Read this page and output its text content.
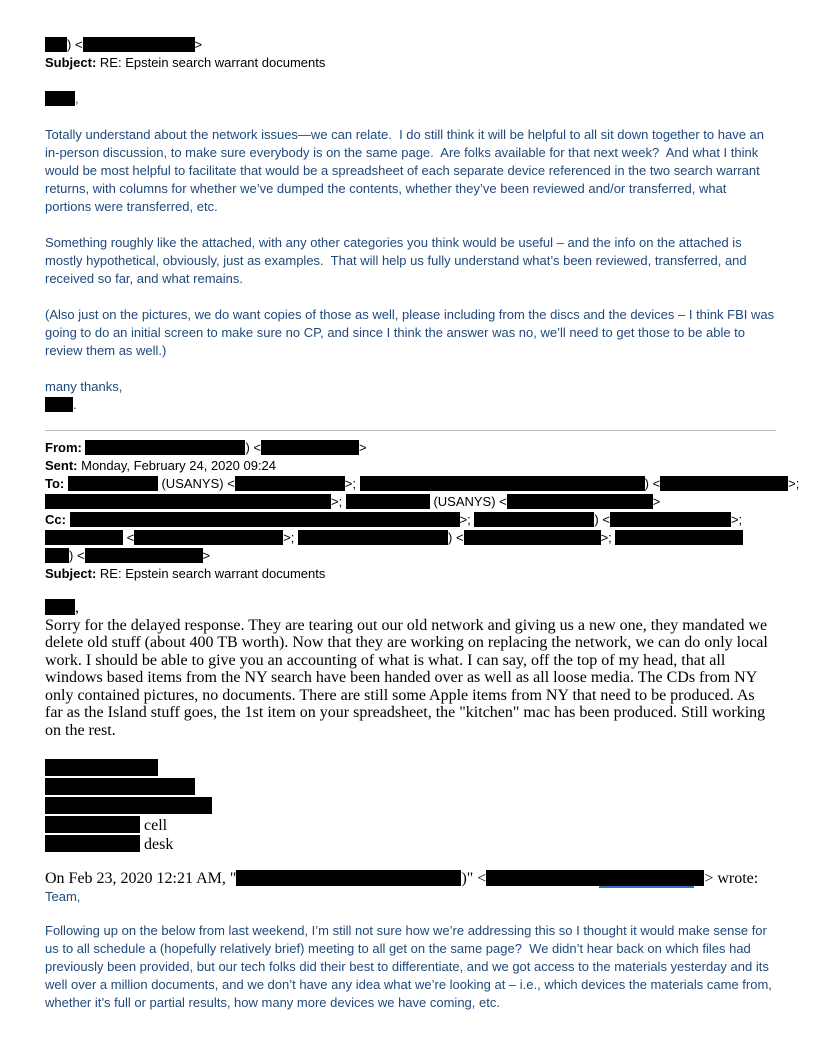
) <	>
Subject: RE: Epstein search warrant documents
,
Totally understand about the network issues—we can relate.  I do still think it will be helpful to all sit down together to have an in-person discussion, to make sure everybody is on the same page.  Are folks available for that next week?  And what I think would be most helpful to facilitate that would be a spreadsheet of each separate device referenced in the two search warrant returns, with columns for whether we’ve dumped the contents, whether they’ve been reviewed and/or transferred, what portions were transferred, etc.
Something roughly like the attached, with any other categories you think would be useful – and the info on the attached is mostly hypothetical, obviously, just as examples.  That will help us fully understand what’s been reviewed, transferred, and received so far, and what remains.
(Also just on the pictures, we do want copies of those as well, please including from the discs and the devices – I think FBI was going to do an initial screen to make sure no CP, and since I think the answer was no, we’ll need to get those to be able to review them as well.)
many thanks,
.
From:	) <	>
Sent: Monday, February 24, 2020 09:24
To:	(USANYS) <	>;	) <	>;
>;	(USANYS) <	>
Cc:	>;	) <	>;
<	>;	) <	>;
) <	>
Subject: RE: Epstein search warrant documents
,
Sorry for the delayed response. They are tearing out our old network and giving us a new one, they mandated we delete old stuff (about 400 TB worth). Now that they are working on replacing the network, we can do only local work. I should be able to give you an accounting of what is what. I can say, off the top of my head, that all windows based items from the NY search have been handed over as well as all loose media. The CDs from NY only contained pictures, no documents. There are still some Apple items from NY that need to be produced. As far as the Island stuff goes, the 1st item on your spreadsheet, the "kitchen" mac has been produced. Still working on the rest.
cell
desk
On Feb 23, 2020 12:21 AM, "	)" <	> wrote:
Team,
Following up on the below from last weekend, I’m still not sure how we’re addressing this so I thought it would make sense for us to all schedule a (hopefully relatively brief) meeting to all get on the same page?  We didn’t hear back on which files had previously been provided, but our tech folks did their best to differentiate, and we got access to the materials yesterday and its well over a million documents, and we don’t have any idea what we’re looking at – i.e., which devices the materials came from, whether it’s full or partial results, how many more devices we have coming, etc.
